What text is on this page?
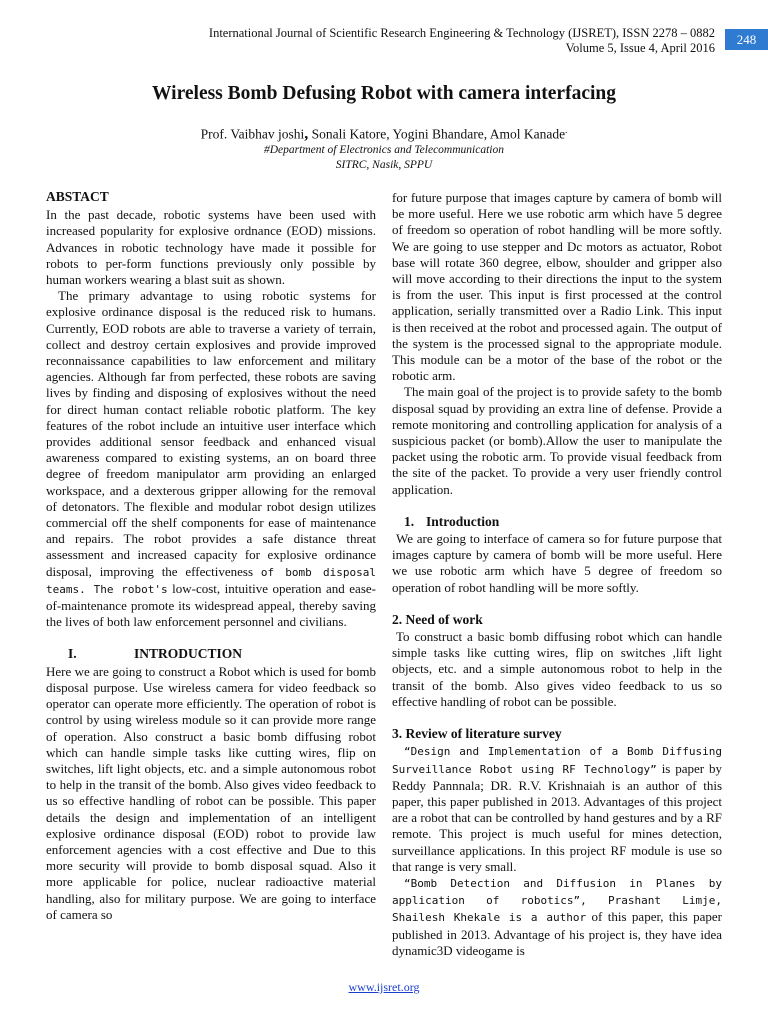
International Journal of Scientific Research Engineering & Technology (IJSRET), ISSN 2278 – 0882
Volume 5, Issue 4, April 2016
248
Wireless Bomb Defusing Robot with camera interfacing
Prof. Vaibhav joshi, Sonali Katore, Yogini Bhandare, Amol Kanade.
#Department of Electronics and Telecommunication
SITRC, Nasik, SPPU
ABSTACT

In the past decade, robotic systems have been used with increased popularity for explosive ordnance (EOD) missions. Advances in robotic technology have made it possible for robots to per-form functions previously only possible by human workers wearing a blast suit as shown.

The primary advantage to using robotic systems for explosive ordinance disposal is the reduced risk to humans. Currently, EOD robots are able to traverse a variety of terrain, collect and destroy certain explosives and provide improved reconnaissance capabilities to law enforcement and military agencies. Although far from perfected, these robots are saving lives by finding and disposing of explosives without the need for direct human contact reliable robotic platform. The key features of the robot include an intuitive user interface which provides additional sensor feedback and enhanced visual awareness compared to existing systems, an on board three degree of freedom manipulator arm providing an enlarged workspace, and a dexterous gripper allowing for the removal of detonators. The flexible and modular robot design utilizes commercial off the shelf components for ease of maintenance and repairs. The robot provides a safe distance threat assessment and increased capacity for explosive ordinance disposal, improving the effectiveness of bomb disposal teams. The robot's low-cost, intuitive operation and ease-of-maintenance promote its widespread appeal, thereby saving the lives of both law enforcement personnel and civilians.

I.	INTRODUCTION

Here we are going to construct a Robot which is used for bomb disposal purpose. Use wireless camera for video feedback so operator can operate more efficiently. The operation of robot is control by using wireless module so it can provide more range of operation. Also construct a basic bomb diffusing robot which can handle simple tasks like cutting wires, flip on switches, lift light objects, etc. and a simple autonomous robot to help in the transit of the bomb. Also gives video feedback to us so effective handling of robot can be possible. This paper details the design and implementation of an intelligent explosive ordinance disposal (EOD) robot to provide law enforcement agencies with a cost effective and Due to this more security will provide to bomb disposal squad. Also it more applicable for police, nuclear radioactive material handling, also for military purpose. We are going to interface of camera so

for future purpose that images capture by camera of bomb will be more useful. Here we use robotic arm which have 5 degree of freedom so operation of robot handling will be more softly. We are going to use stepper and Dc motors as actuator, Robot base will rotate 360 degree, elbow, shoulder and gripper also will move according to their directions the input to the system is from the user. This input is first processed at the control application, serially transmitted over a Radio Link. This input is then received at the robot and processed again. The output of the system is the processed signal to the appropriate module. This module can be a motor of the base of the robot or the robotic arm.

The main goal of the project is to provide safety to the bomb disposal squad by providing an extra line of defense. Provide a remote monitoring and controlling application for analysis of a suspicious packet (or bomb).Allow the user to manipulate the packet using the robotic arm. To provide visual feedback from the site of the packet. To provide a very user friendly control application.

1. Introduction

We are going to interface of camera so for future purpose that images capture by camera of bomb will be more useful. Here we use robotic arm which have 5 degree of freedom so operation of robot handling will be more softly.

2. Need of work

To construct a basic bomb diffusing robot which can handle simple tasks like cutting wires, flip on switches ,lift light objects, etc. and a simple autonomous robot to help in the transit of the bomb. Also gives video feedback to us so effective handling of robot can be possible.

3. Review of literature survey

“Design and Implementation of a Bomb Diffusing Surveillance Robot using RF Technology” is paper by Reddy Pannnala; DR. R.V. Krishnaiah is an author of this paper, this paper published in 2013. Advantages of this project are a robot that can be controlled by hand gestures and by a RF remote. This project is much useful for mines detection, surveillance applications. In this project RF module is use so that range is very small.

“Bomb Detection and Diffusion in Planes by application of robotics”, Prashant Limje, Shailesh Khekale is a author of this paper, this paper published in 2013. Advantage of his project is, they have idea dynamic3D videogame is

www.ijsret.org
